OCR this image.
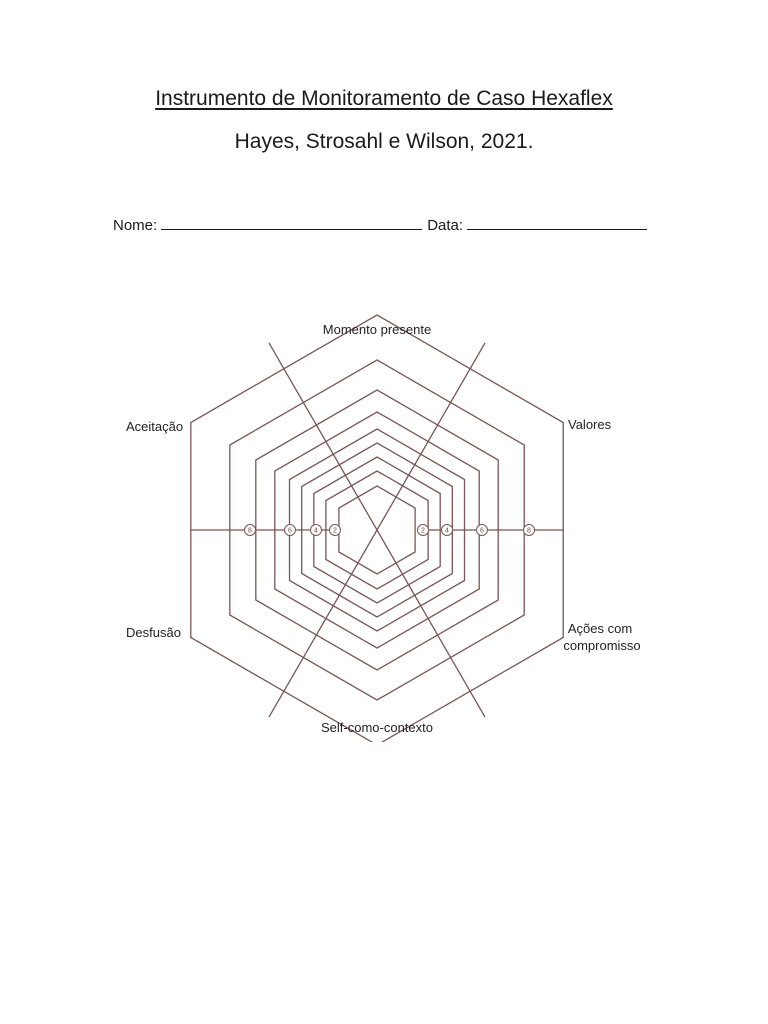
Instrumento de Monitoramento de Caso Hexaflex
Hayes, Strosahl e Wilson, 2021.
Nome:	Data:
2
4
6
8	2	4	6	8
Momento presente
Valores
Ações com
compromisso
Self-como-contexto
Desfusão
Aceitação
